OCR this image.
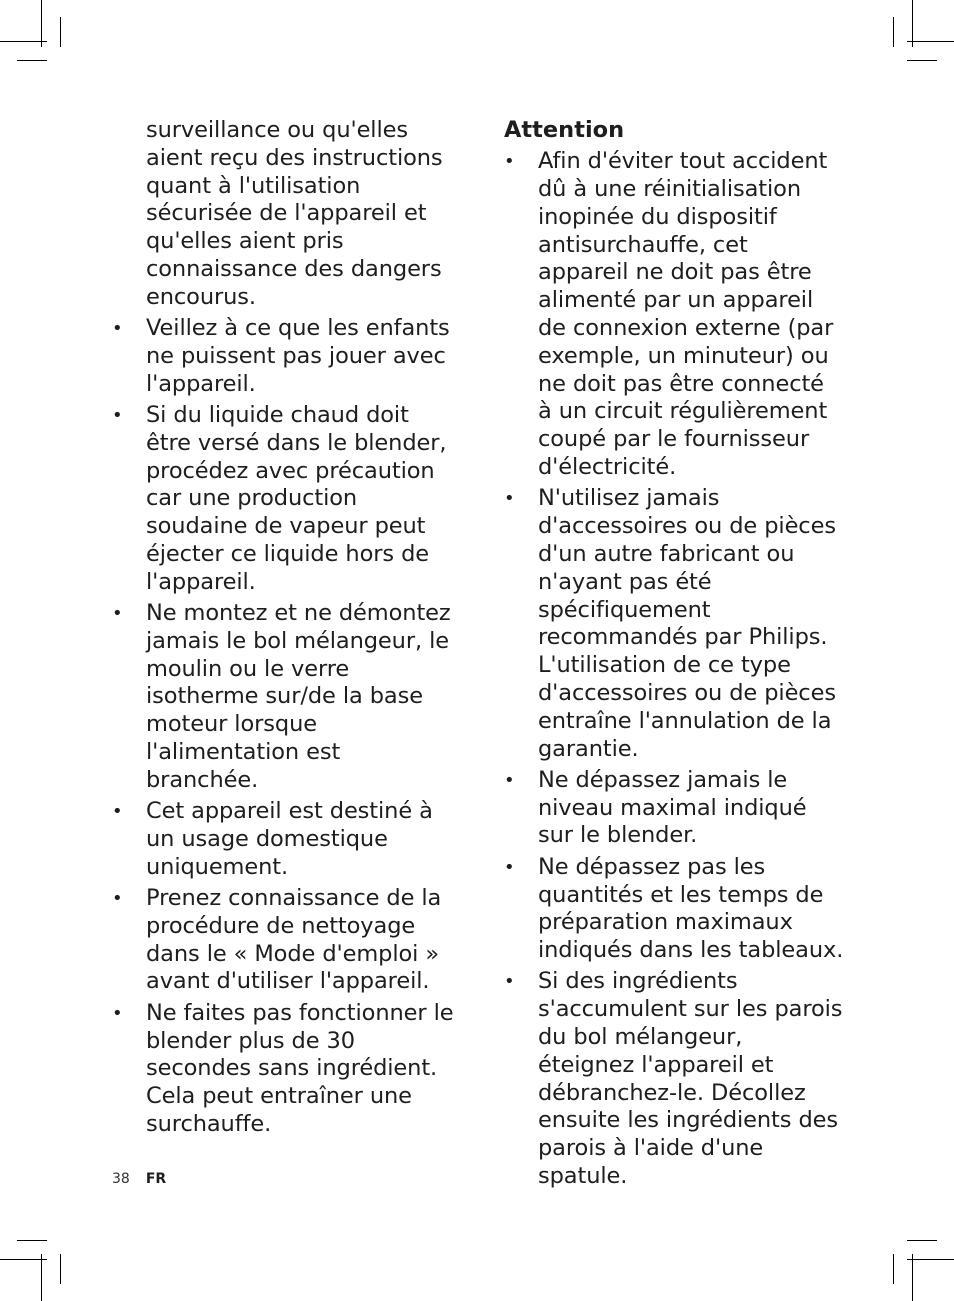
surveillance ou qu'elles aient reçu des instructions quant à l'utilisation sécurisée de l'appareil et qu'elles aient pris connaissance des dangers encourus.

•	Veillez à ce que les enfants ne puissent pas jouer avec l'appareil.
•	Si du liquide chaud doit être versé dans le blender, procédez avec précaution car une production soudaine de vapeur peut éjecter ce liquide hors de l'appareil.
•	Ne montez et ne démontez jamais le bol mélangeur, le moulin ou le verre isotherme sur/de la base moteur lorsque l'alimentation est branchée.
•	Cet appareil est destiné à un usage domestique uniquement.
•	Prenez connaissance de la procédure de nettoyage dans le « Mode d'emploi » avant d'utiliser l'appareil.
•	Ne faites pas fonctionner le blender plus de 30 secondes sans ingrédient. Cela peut entraîner une surchauffe.
Attention
•	Afin d'éviter tout accident dû à une réinitialisation inopinée du dispositif antisurchauffe, cet appareil ne doit pas être alimenté par un appareil de connexion externe (par exemple, un minuteur) ou ne doit pas être connecté à un circuit régulièrement coupé par le fournisseur d'électricité.
•	N'utilisez jamais d'accessoires ou de pièces d'un autre fabricant ou n'ayant pas été spécifiquement recommandés par Philips. L'utilisation de ce type d'accessoires ou de pièces entraîne l'annulation de la garantie.
•	Ne dépassez jamais le niveau maximal indiqué sur le blender.
•	Ne dépassez pas les quantités et les temps de préparation maximaux indiqués dans les tableaux.
•	Si des ingrédients s'accumulent sur les parois du bol mélangeur, éteignez l'appareil et débranchez-le. Décollez ensuite les ingrédients des parois à l'aide d'une spatule.
38 FR
